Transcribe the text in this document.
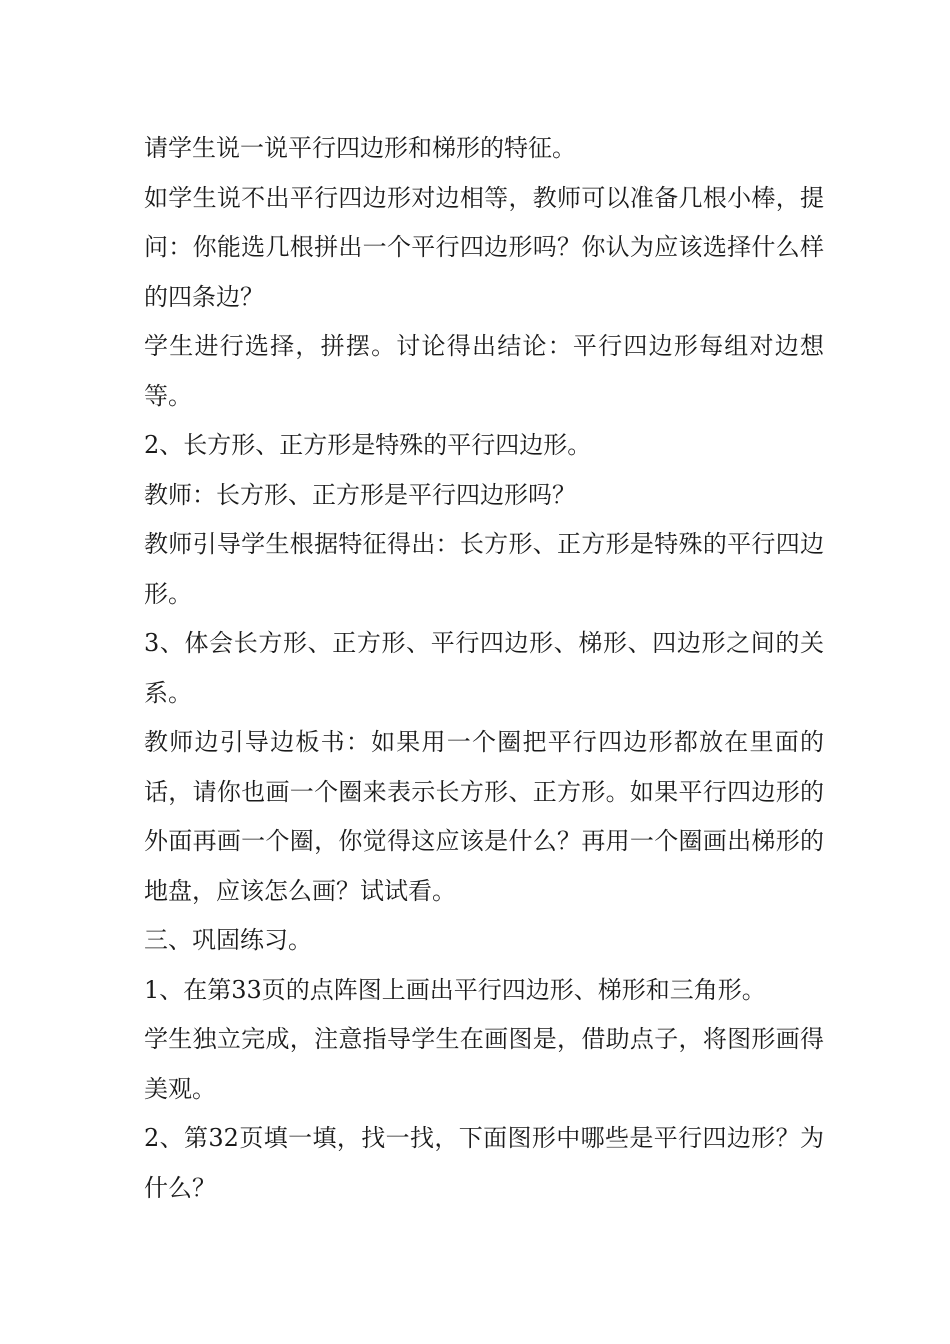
请学生说一说平行四边形和梯形的特征。

如学生说不出平行四边形对边相等，教师可以准备几根小棒，提问：你能选几根拼出一个平行四边形吗？你认为应该选择什么样的四条边？

学生进行选择，拼摆。讨论得出结论：平行四边形每组对边想等。

2、长方形、正方形是特殊的平行四边形。

教师：长方形、正方形是平行四边形吗？

教师引导学生根据特征得出：长方形、正方形是特殊的平行四边形。

3、体会长方形、正方形、平行四边形、梯形、四边形之间的关系。

教师边引导边板书：如果用一个圈把平行四边形都放在里面的话，请你也画一个圈来表示长方形、正方形。如果平行四边形的外面再画一个圈，你觉得这应该是什么？再用一个圈画出梯形的地盘，应该怎么画？试试看。

三、巩固练习。

1、在第33页的点阵图上画出平行四边形、梯形和三角形。

学生独立完成，注意指导学生在画图是，借助点子，将图形画得美观。

2、第32页填一填，找一找，下面图形中哪些是平行四边形？为什么？
